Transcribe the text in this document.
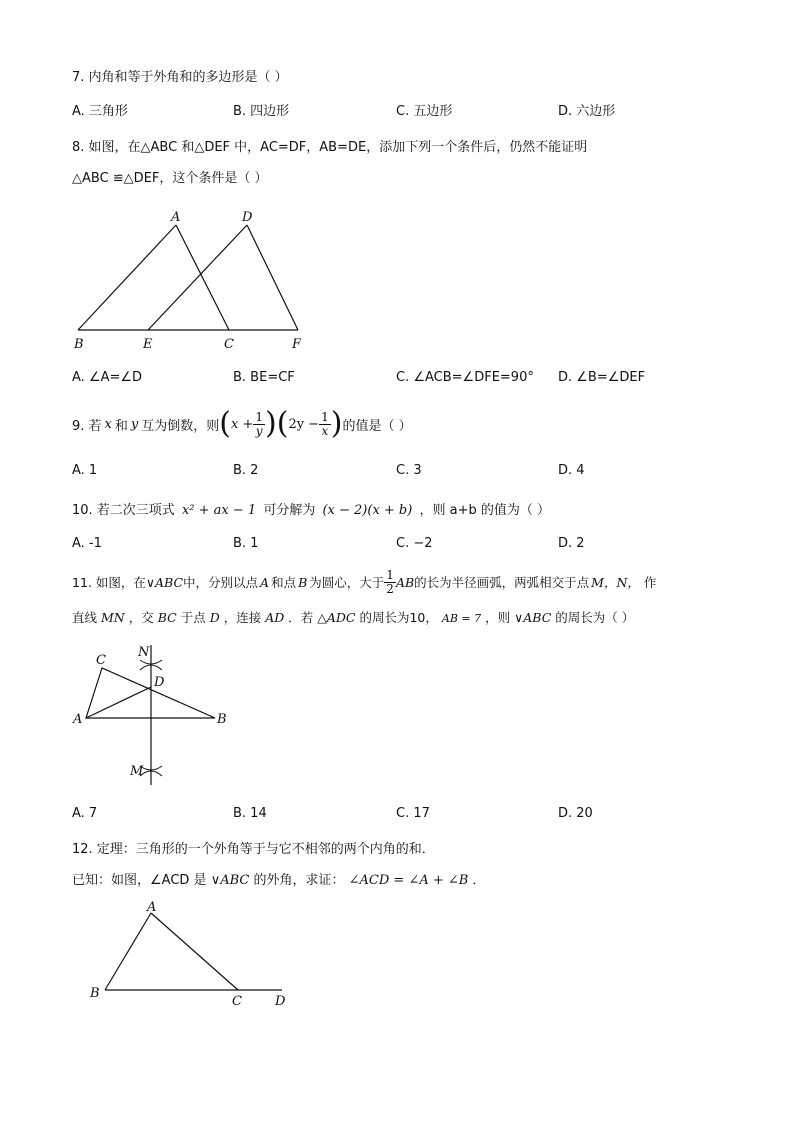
7. 内角和等于外角和的多边形是（ ）
A. 三角形	B. 四边形	C. 五边形	D. 六边形
8. 如图，在△ABC 和△DEF 中，AC=DF，AB=DE，添加下列一个条件后，仍然不能证明
△ABC ≌△DEF，这个条件是（ ）
A	D
B	E	C	F
A. ∠A=∠D	B. BE=CF	C. ∠ACB=∠DFE=90° D. ∠B=∠DEF
9. 若 x 和 y 互为倒数，则 ( $x + \frac{1}{y}$ ) ( $2y - \frac{1}{x}$ ) 的值是（ ）
A. 1	B. 2	C. 3	D. 4
10. 若二次三项式 x² + ax − 1 可分解为 (x − 2)(x + b) ，则 a+b 的值为（ ）
A. -1	B. 1	C. −2	D. 2
11. 如图，在 ∨ABC 中，分别以点 A 和点 B 为圆心，大于 $\frac{1}{2}$ AB 的长为半径画弧，两弧相交于点 M，N， 作
直线 MN ，交 BC 于点 D ，连接 AD ．若 △ADC 的周长为10， AB = 7 ，则 ∨ABC 的周长为（ ）
C
N
D
A	B
M
A. 7	B. 14	C. 17	D. 20
12. 定理：三角形的一个外角等于与它不相邻的两个内角的和．
已知：如图，∠ACD 是 ∨ABC 的外角，求证： ∠ACD = ∠A + ∠B ．
A
B
C	D
